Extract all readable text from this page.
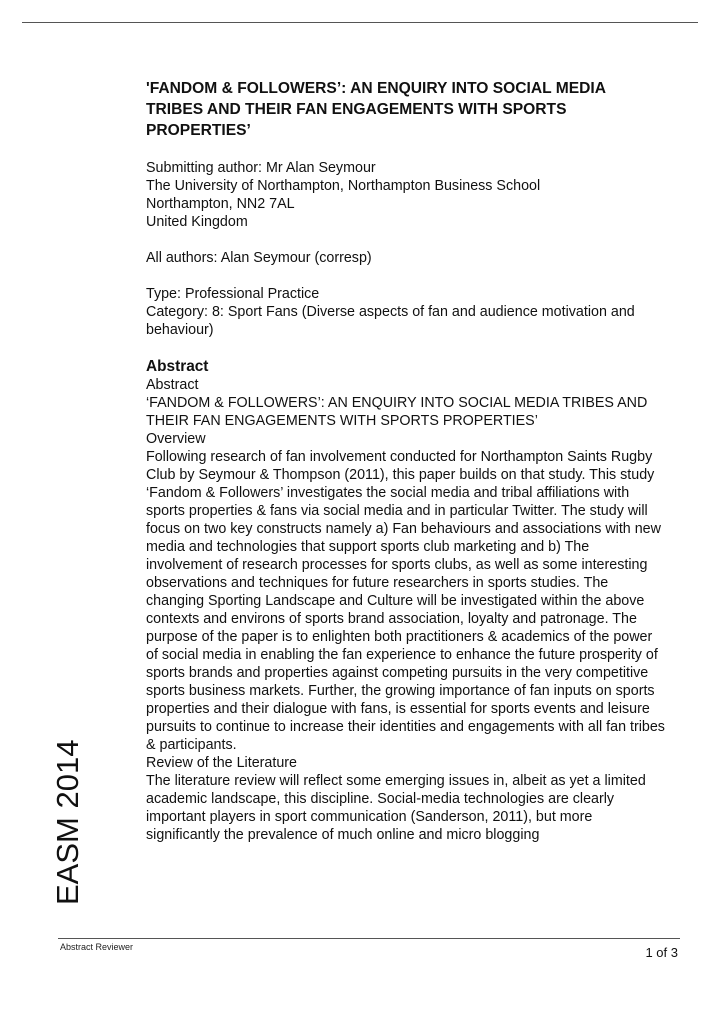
EASM 2014

'FANDOM & FOLLOWERS’: AN ENQUIRY INTO SOCIAL MEDIA TRIBES AND THEIR FAN ENGAGEMENTS WITH SPORTS PROPERTIES’

Submitting author: Mr Alan Seymour

The University of Northampton, Northampton Business School

Northampton, NN2 7AL

United Kingdom

All authors: Alan Seymour (corresp)

Type: Professional Practice

Category: 8: Sport Fans (Diverse aspects of fan and audience motivation and behaviour)

Abstract

Abstract

‘FANDOM & FOLLOWERS’: AN ENQUIRY INTO SOCIAL MEDIA TRIBES AND THEIR FAN ENGAGEMENTS WITH SPORTS PROPERTIES’

Overview

Following research of fan involvement conducted for Northampton Saints Rugby Club by Seymour & Thompson (2011), this paper builds on that study. This study ‘Fandom & Followers’ investigates the social media and tribal affiliations with sports properties & fans via social media and in particular Twitter. The study will focus on two key constructs namely a) Fan behaviours and associations with new media and technologies that support sports club marketing and b) The involvement of research processes for sports clubs, as well as some interesting observations and techniques for future researchers in sports studies. The changing Sporting Landscape and Culture will be investigated within the above contexts and environs of sports brand association, loyalty and patronage. The purpose of the paper is to enlighten both practitioners & academics of the power of social media in enabling the fan experience to enhance the future prosperity of sports brands and properties against competing pursuits in the very competitive sports business markets. Further, the growing importance of fan inputs on sports properties and their dialogue with fans, is essential for sports events and leisure pursuits to continue to increase their identities and engagements with all fan tribes & participants.

Review of the Literature

The literature review will reflect some emerging issues in, albeit as yet a limited academic landscape, this discipline. Social-media technologies are clearly important players in sport communication (Sanderson, 2011), but more significantly the prevalence of much online and micro blogging

Abstract Reviewer	1 of 3
